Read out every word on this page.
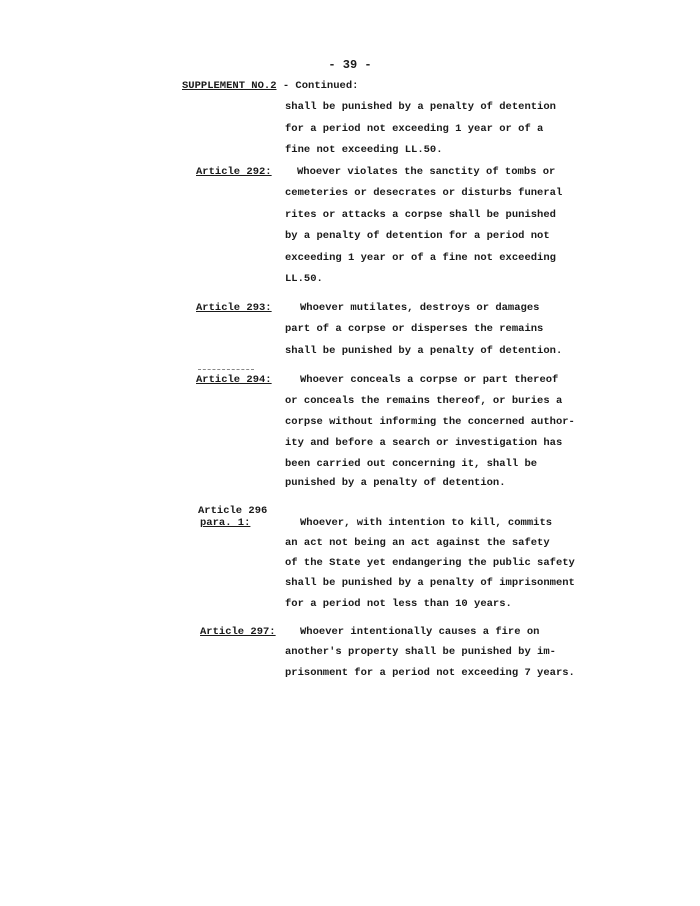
- 39 -
SUPPLEMENT NO.2 - Continued:
shall be punished by a penalty of detention
for a period not exceeding 1 year or of a
fine not exceeding LL.50.
Article 292: Whoever violates the sanctity of tombs or
cemeteries or desecrates or disturbs funeral
rites or attacks a corpse shall be punished
by a penalty of detention for a period not
exceeding 1 year or of a fine not exceeding
LL.50.
Article 293:	Whoever mutilates, destroys or damages
part of a corpse or disperses the remains
shall be punished by a penalty of detention.
Article 294:	Whoever conceals a corpse or part thereof
or conceals the remains thereof, or buries a
corpse without informing the concerned author-
ity and before a search or investigation has
been carried out concerning it, shall be
punished by a penalty of detention.
Article 296
para. 1:	Whoever, with intention to kill, commits
an act not being an act against the safety
of the State yet endangering the public safety
shall be punished by a penalty of imprisonment
for a period not less than 10 years.
Article 297: Whoever intentionally causes a fire on
another's property shall be punished by im-
prisonment for a period not exceeding 7 years.
